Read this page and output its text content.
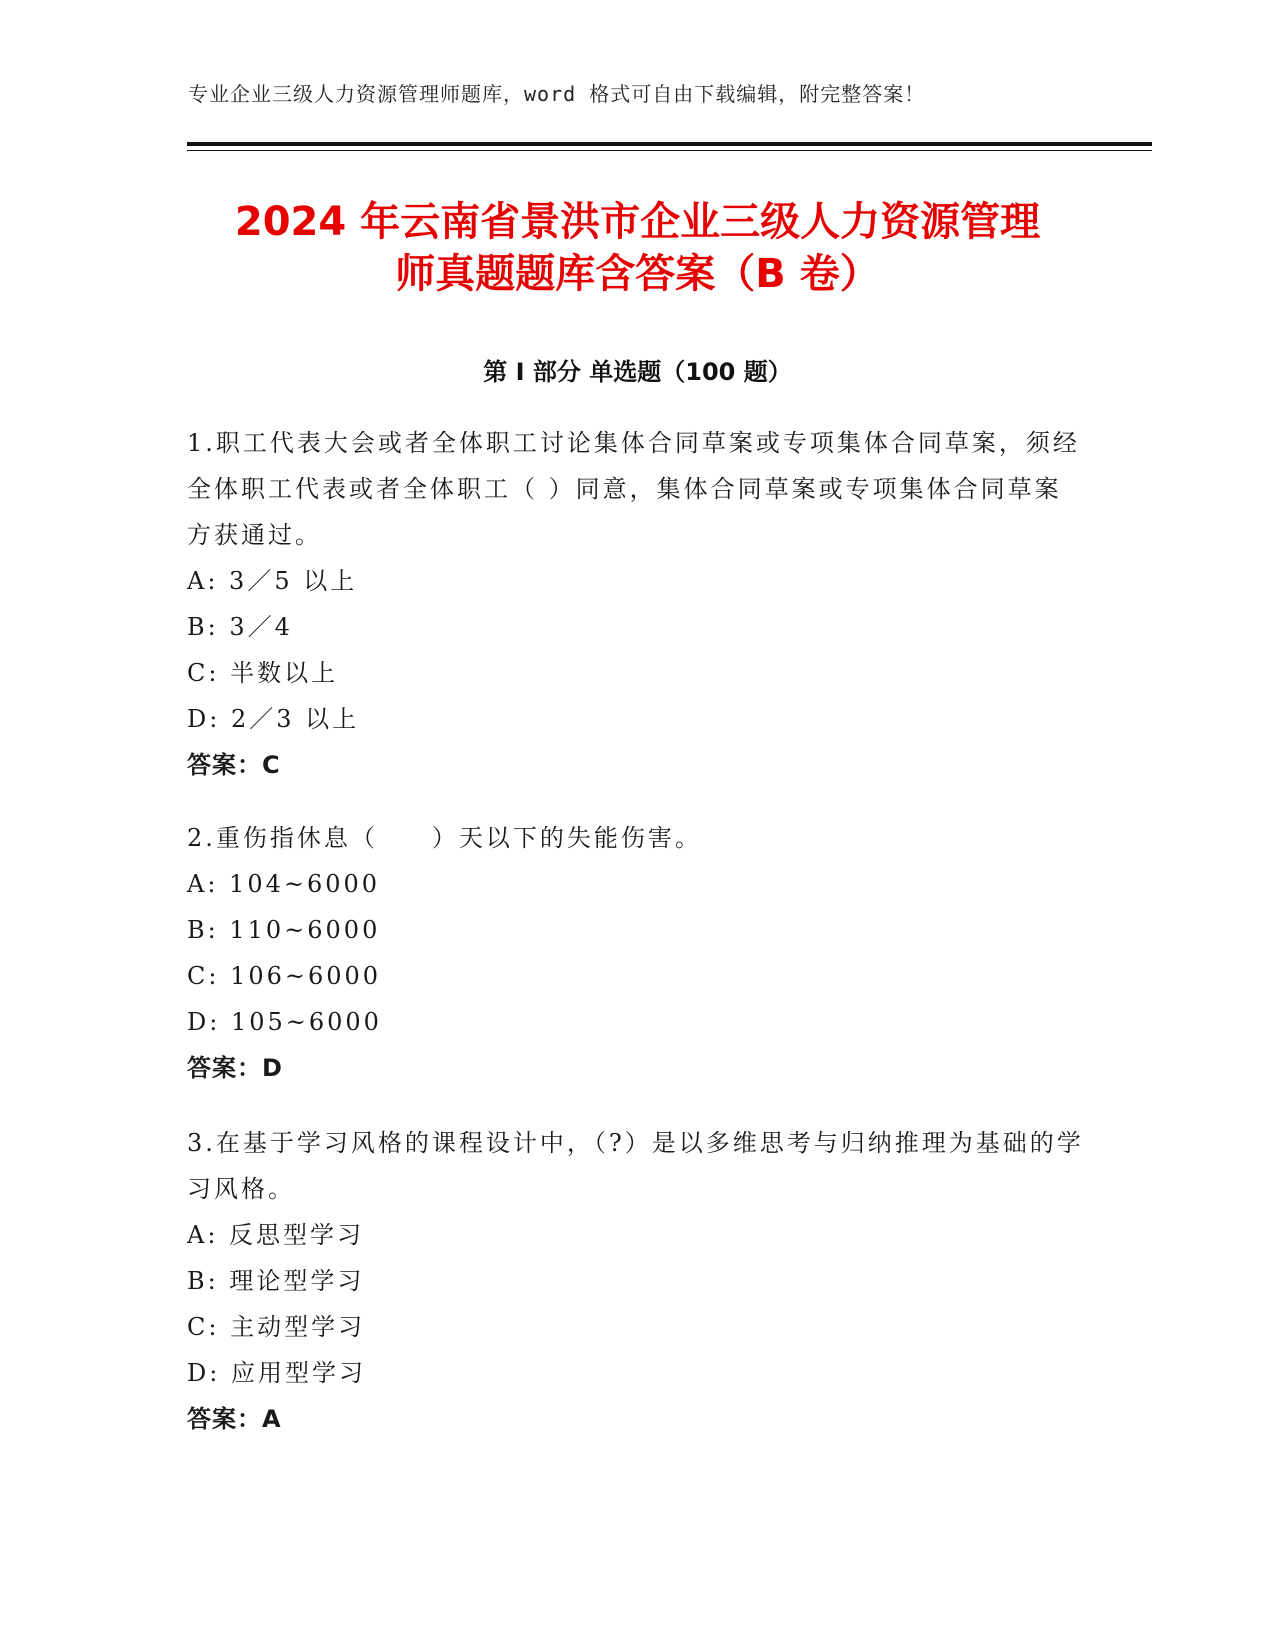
专业企业三级人力资源管理师题库，word 格式可自由下载编辑，附完整答案！
2024 年云南省景洪市企业三级人力资源管理
师真题题库含答案（B 卷）
第 I 部分 单选题（100 题）

1.职工代表大会或者全体职工讨论集体合同草案或专项集体合同草案，须经全体职工代表或者全体职工（ ）同意，集体合同草案或专项集体合同草案方获通过。

A: 3／5 以上

B: 3／4

C: 半数以上

D: 2／3 以上

答案：C

2.重伤指休息（　　）天以下的失能伤害。

A: 104~6000

B: 110~6000

C: 106~6000

D: 105~6000

答案：D

3.在基于学习风格的课程设计中，（?）是以多维思考与归纳推理为基础的学习风格。

A: 反思型学习

B: 理论型学习

C: 主动型学习

D: 应用型学习

答案：A
